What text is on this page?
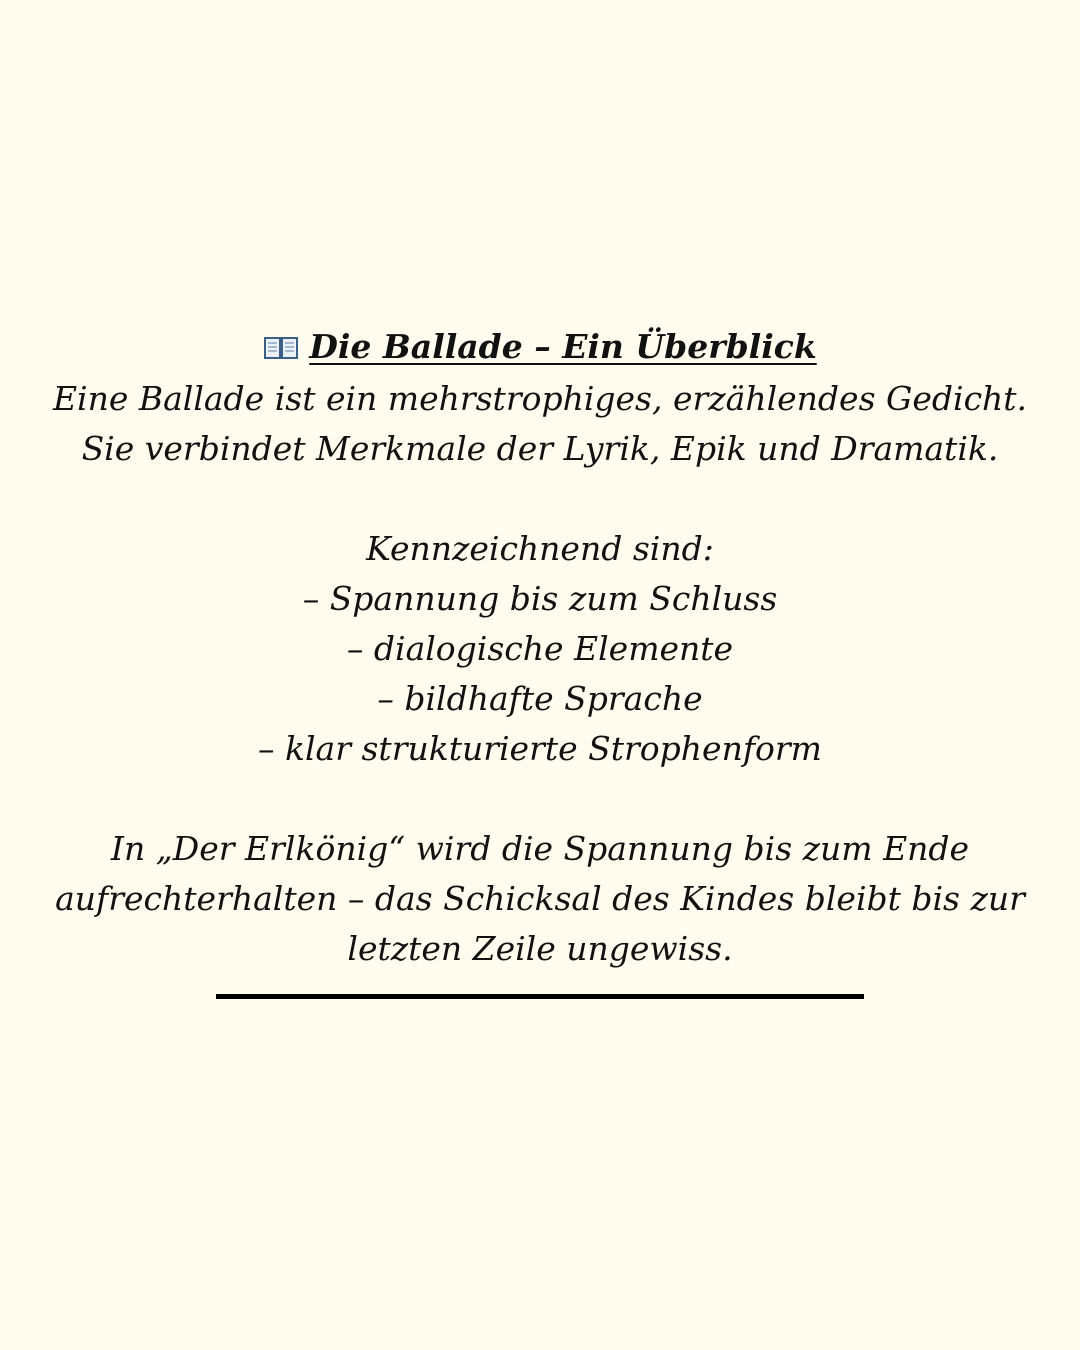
Die Ballade – Ein Überblick
Eine Ballade ist ein mehrstrophiges, erzählendes Gedicht.
Sie verbindet Merkmale der Lyrik, Epik und Dramatik.
Kennzeichnend sind:
– Spannung bis zum Schluss
– dialogische Elemente
– bildhafte Sprache
– klar strukturierte Strophenform
In „Der Erlkönig“ wird die Spannung bis zum Ende aufrechterhalten – das Schicksal des Kindes bleibt bis zur letzten Zeile ungewiss.
